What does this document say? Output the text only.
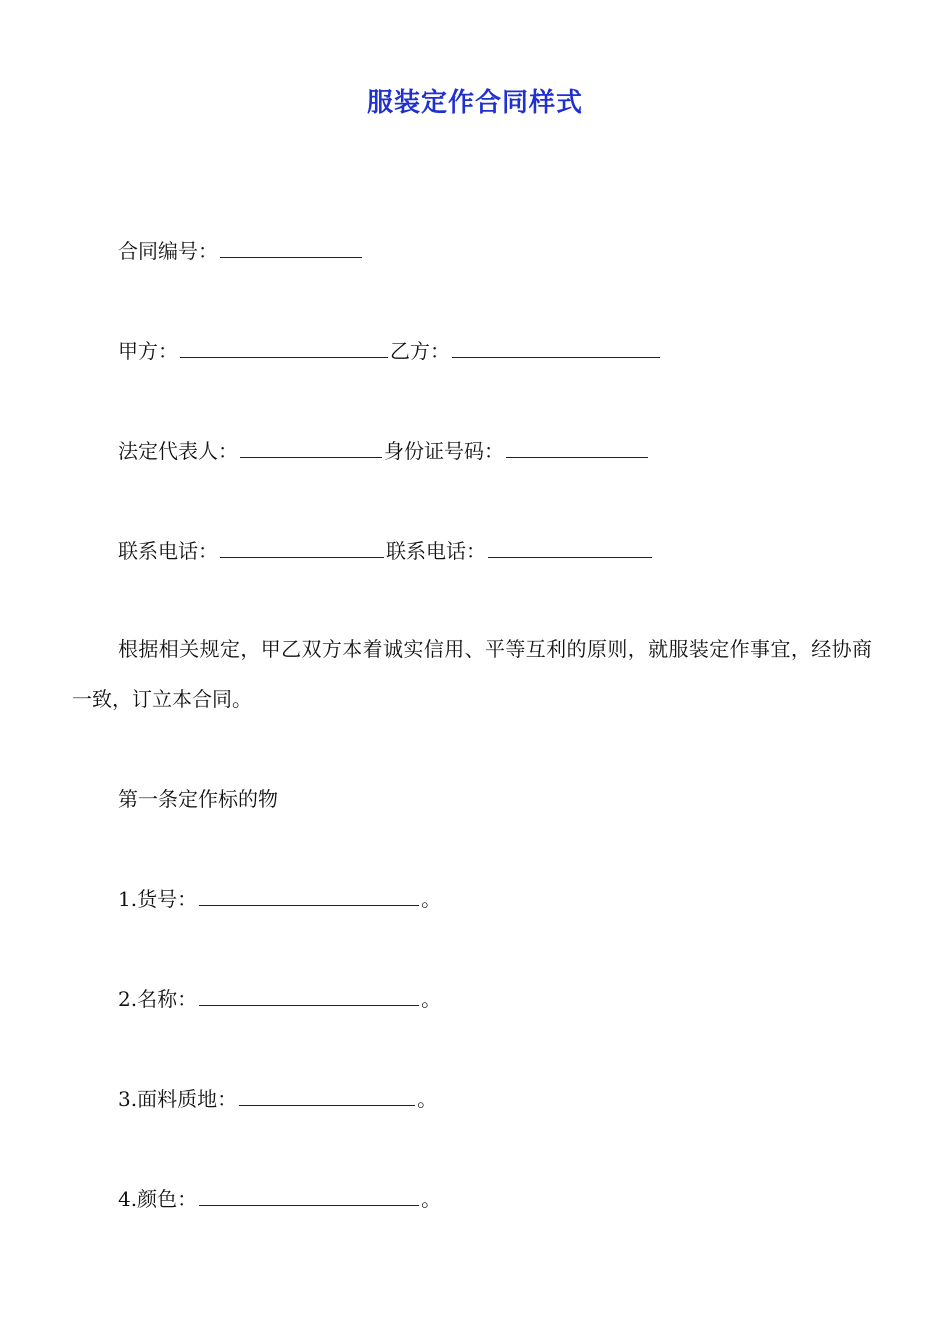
服装定作合同样式
合同编号：
甲方：	乙方：
法定代表人：	身份证号码：
联系电话：	联系电话：
根据相关规定，甲乙双方本着诚实信用、平等互利的原则，就服装定作事宜，经协商一致，订立本合同。
第一条定作标的物
1.货号：	。
2.名称：	。
3.面料质地：	。
4.颜色：	。
